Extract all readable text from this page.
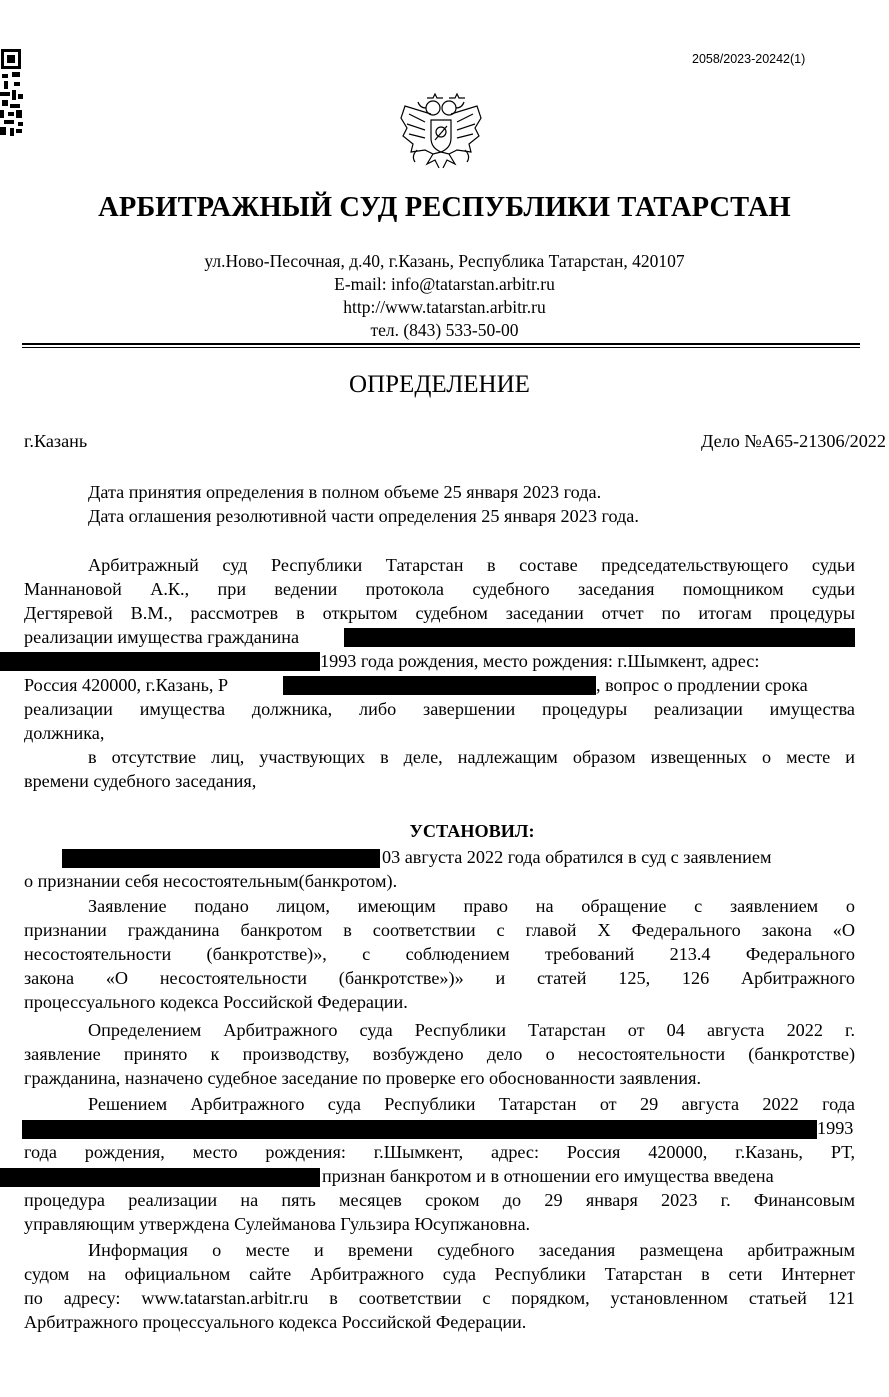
2058/2023-20242(1)
АРБИТРАЖНЫЙ СУД РЕСПУБЛИКИ ТАТАРСТАН
ул.Ново-Песочная, д.40, г.Казань, Республика Татарстан, 420107
E-mail: info@tatarstan.arbitr.ru
http://www.tatarstan.arbitr.ru
тел. (843) 533-50-00
ОПРЕДЕЛЕНИЕ
г.Казань	Дело №А65-21306/2022
Дата принятия определения в полном объеме 25 января 2023 года.
Дата оглашения резолютивной части определения 25 января 2023 года.
Арбитражный суд Республики Татарстан в составе председательствующего судьи
Маннановой А.К., при ведении протокола судебного заседания помощником судьи
Дегтяревой В.М., рассмотрев в открытом судебном заседании отчет по итогам процедуры
реализации имущества гражданина
1993 года рождения, место рождения: г.Шымкент, адрес:
Россия 420000, г.Казань, Р	, вопрос о продлении срока
реализации имущества должника, либо завершении процедуры реализации имущества
должника,
в отсутствие лиц, участвующих в деле, надлежащим образом извещенных о месте и
времени судебного заседания,
УСТАНОВИЛ:
03 августа 2022 года обратился в суд с заявлением
о признании себя несостоятельным(банкротом).
Заявление подано лицом, имеющим право на обращение с заявлением о
признании гражданина банкротом в соответствии с главой X Федерального закона «О
несостоятельности (банкротстве)», с соблюдением требований 213.4 Федерального
закона «О несостоятельности (банкротстве»)» и статей 125, 126 Арбитражного
процессуального кодекса Российской Федерации.
Определением Арбитражного суда Республики Татарстан от 04 августа 2022 г.
заявление принято к производству, возбуждено дело о несостоятельности (банкротстве)
гражданина, назначено судебное заседание по проверке его обоснованности заявления.
Решением Арбитражного суда Республики Татарстан от 29 августа 2022 года
1993
года рождения, место рождения: г.Шымкент, адрес: Россия 420000, г.Казань, РТ,
признан банкротом и в отношении его имущества введена
процедура реализации на пять месяцев сроком до 29 января 2023 г. Финансовым
управляющим утверждена Сулейманова Гульзира Юсупжановна.
Информация о месте и времени судебного заседания размещена арбитражным
судом на официальном сайте Арбитражного суда Республики Татарстан в сети Интернет
по адресу: www.tatarstan.arbitr.ru в соответствии с порядком, установленном статьей 121
Арбитражного процессуального кодекса Российской Федерации.
